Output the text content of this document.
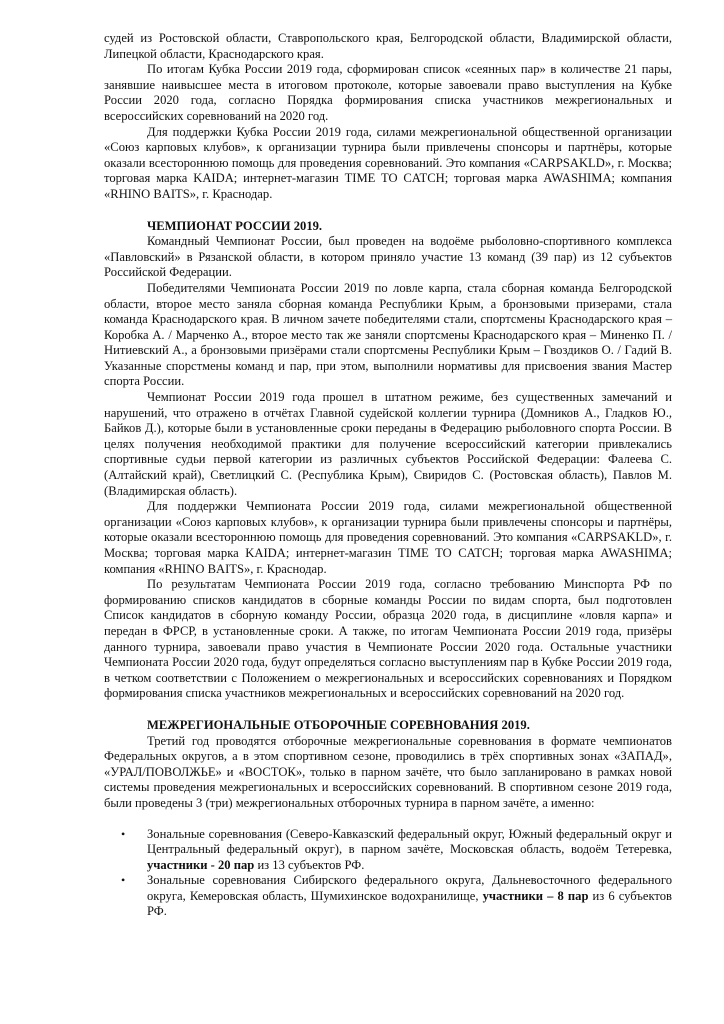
судей из Ростовской области, Ставропольского края, Белгородской области, Владимирской области, Липецкой области, Краснодарского края.

По итогам Кубка России 2019 года, сформирован список «сеянных пар» в количестве 21 пары, занявшие наивысшее места в итоговом протоколе, которые завоевали право выступления на Кубке России 2020 года, согласно Порядка формирования списка участников межрегиональных и всероссийских соревнований на 2020 год.

Для поддержки Кубка России 2019 года, силами межрегиональной общественной организации «Союз карповых клубов», к организации турнира были привлечены спонсоры и партнёры, которые оказали всестороннюю помощь для проведения соревнований. Это компания «CARPSAKLD», г. Москва; торговая марка KAIDA; интернет-магазин TIME TO CATCH; торговая марка AWASHIMA; компания «RHINO BAITS», г. Краснодар.

ЧЕМПИОНАТ РОССИИ 2019.

Командный Чемпионат России, был проведен на водоёме рыболовно-спортивного комплекса «Павловский» в Рязанской области, в котором приняло участие 13 команд (39 пар) из 12 субъектов Российской Федерации.

Победителями Чемпионата России 2019 по ловле карпа, стала сборная команда Белгородской области, второе место заняла сборная команда Республики Крым, а бронзовыми призерами, стала команда Краснодарского края. В личном зачете победителями стали, спортсмены Краснодарского края – Коробка А. / Марченко А., второе место так же заняли спортсмены Краснодарского края – Миненко П. / Нитиевский А., а бронзовыми призёрами стали спортсмены Республики Крым – Гвоздиков О. / Гадий В. Указанные спорстмены команд и пар, при этом, выполнили нормативы для присвоения звания Мастер спорта России.

Чемпионат России 2019 года прошел в штатном режиме, без существенных замечаний и нарушений, что отражено в отчётах Главной судейской коллегии турнира (Домников А., Гладков Ю., Байков Д.), которые были в установленные сроки переданы в Федерацию рыболовного спорта России. В целях получения необходимой практики для получение всероссийский категории привлекались спортивные судьи первой категории из различных субъектов Российской Федерации: Фалеева С. (Алтайский край), Светлицкий С. (Республика Крым), Свиридов С. (Ростовская область), Павлов М. (Владимирская область).

Для поддержки Чемпионата России 2019 года, силами межрегиональной общественной организации «Союз карповых клубов», к организации турнира были привлечены спонсоры и партнёры, которые оказали всестороннюю помощь для проведения соревнований. Это компания «CARPSAKLD», г. Москва; торговая марка KAIDA; интернет-магазин TIME TO CATCH; торговая марка AWASHIMA; компания «RHINO BAITS», г. Краснодар.

По результатам Чемпионата России 2019 года, согласно требованию Минспорта РФ по формированию списков кандидатов в сборные команды России по видам спорта, был подготовлен Список кандидатов в сборную команду России, образца 2020 года, в дисциплине «ловля карпа» и передан в ФРСР, в установленные сроки. А также, по итогам Чемпионата России 2019 года, призёры данного турнира, завоевали право участия в Чемпионате России 2020 года. Остальные участники Чемпионата России 2020 года, будут определяться согласно выступлениям пар в Кубке России 2019 года, в четком соответствии с Положением о межрегиональных и всероссийских соревнованиях и Порядком формирования списка участников межрегиональных и всероссийских соревнований на 2020 год.

МЕЖРЕГИОНАЛЬНЫЕ ОТБОРОЧНЫЕ СОРЕВНОВАНИЯ 2019.

Третий год проводятся отборочные межрегиональные соревнования в формате чемпионатов Федеральных округов, а в этом спортивном сезоне, проводились в трёх спортивных зонах «ЗАПАД», «УРАЛ/ПОВОЛЖЬЕ» и «ВОСТОК», только в парном зачёте, что было запланировано в рамках новой системы проведения межрегиональных и всероссийских соревнований. В спортивном сезоне 2019 года, были проведены 3 (три) межрегиональных отборочных турнира в парном зачёте, а именно:

• Зональные соревнования (Северо-Кавказский федеральный округ, Южный федеральный округ и Центральный федеральный округ), в парном зачёте, Московская область, водоём Тетеревка, участники - 20 пар из 13 субъектов РФ.
• Зональные соревнования Сибирского федерального округа, Дальневосточного федерального округа, Кемеровская область, Шумихинское водохранилище, участники – 8 пар из 6 субъектов РФ.
